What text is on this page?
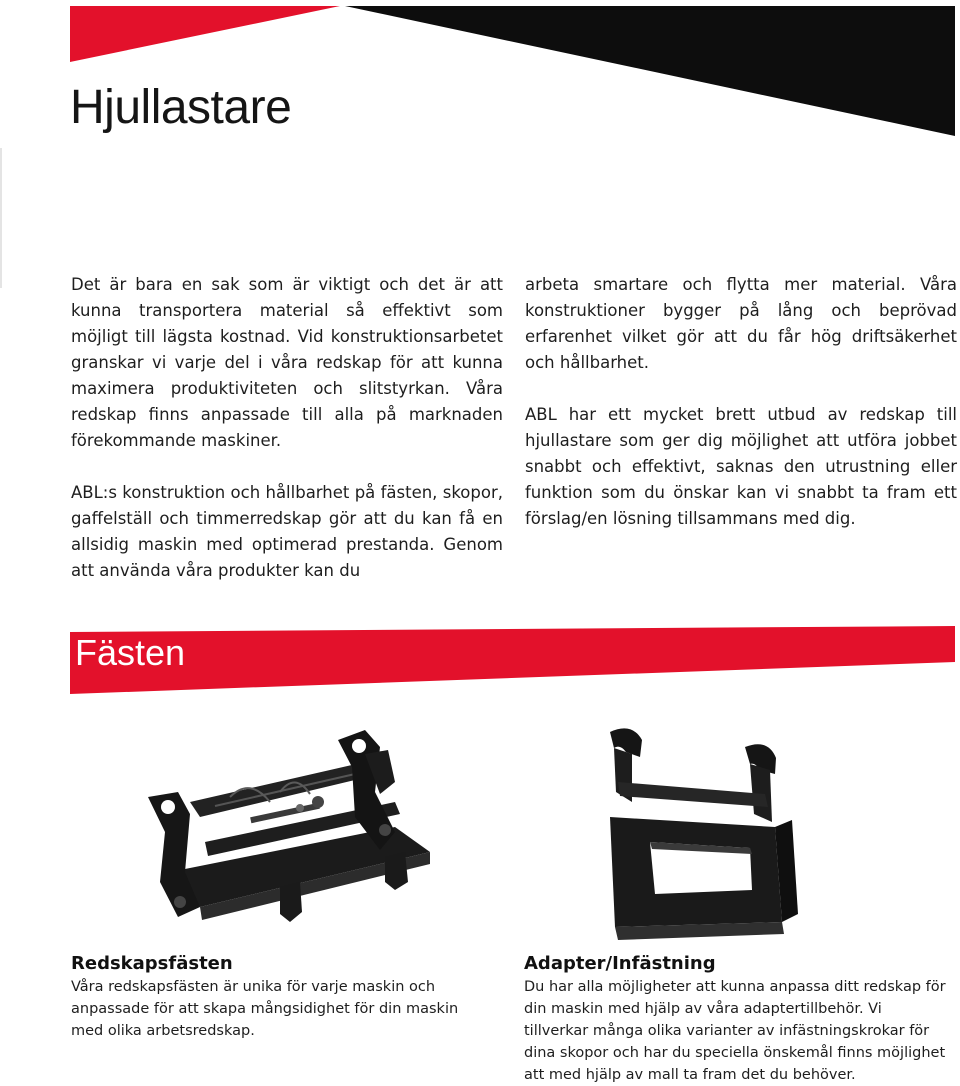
Hjullastare

Det är bara en sak som är viktigt och det är att kunna transportera material så effektivt som möjligt till lägsta kostnad. Vid konstruktionsarbetet granskar vi varje del i våra redskap för att kunna maximera produktiviteten och slitstyrkan. Våra redskap finns anpassade till alla på marknaden förekommande maskiner.

ABL:s konstruktion och hållbarhet på fästen, skopor, gaffelställ och timmerredskap gör att du kan få en allsidig maskin med optimerad prestanda. Genom att använda våra produkter kan du

arbeta smartare och flytta mer material. Våra konstruktioner bygger på lång och beprövad erfarenhet vilket gör att du får hög driftsäkerhet och hållbarhet.

ABL har ett mycket brett utbud av redskap till hjullastare som ger dig möjlighet att utföra jobbet snabbt och effektivt, saknas den utrustning eller funktion som du önskar kan vi snabbt ta fram ett förslag/en lösning tillsammans med dig.

Fästen
Redskapsfästen

Våra redskapsfästen är unika för varje maskin och anpassade för att skapa mångsidighet för din maskin med olika arbetsredskap.

Adapter/Infästning

Du har alla möjligheter att kunna anpassa ditt redskap för din maskin med hjälp av våra adaptertillbehör. Vi tillverkar många olika varianter av infästningskrokar för dina skopor och har du speciella önskemål finns möjlighet att med hjälp av mall ta fram det du behöver.
